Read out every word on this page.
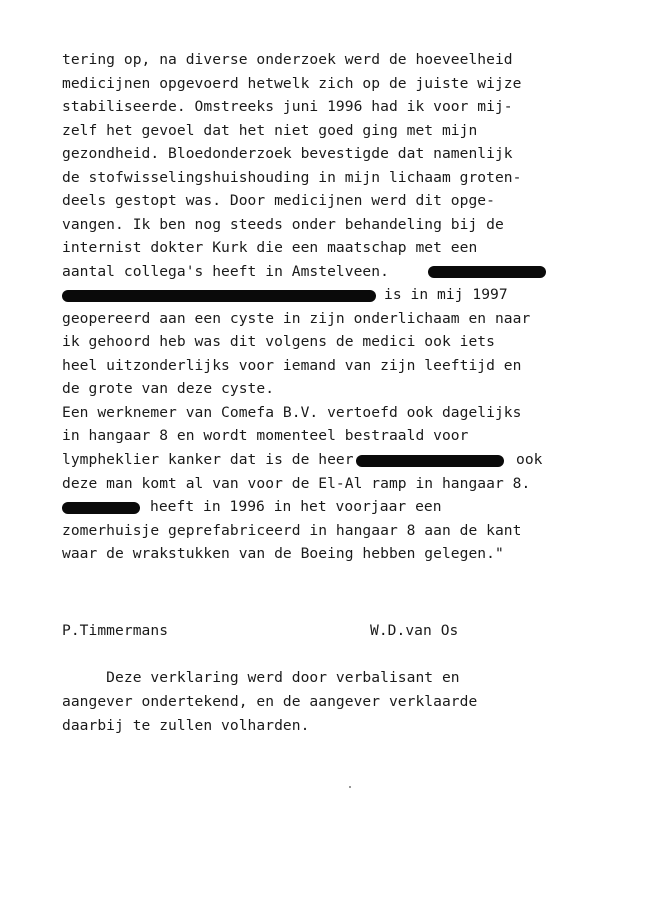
tering op, na diverse onderzoek werd de hoeveelheid
medicijnen opgevoerd hetwelk zich op de juiste wijze
stabiliseerde. Omstreeks juni 1996 had ik voor mij-
zelf het gevoel dat het niet goed ging met mijn
gezondheid. Bloedonderzoek bevestigde dat namenlijk
de stofwisselingshuishouding in mijn lichaam groten-
deels gestopt was. Door medicijnen werd dit opge-
vangen. Ik ben nog steeds onder behandeling bij de
internist dokter Kurk die een maatschap met een
aantal collega's heeft in Amstelveen.
is in mij 1997
geopereerd aan een cyste in zijn onderlichaam en naar
ik gehoord heb was dit volgens de medici ook iets
heel uitzonderlijks voor iemand van zijn leeftijd en
de grote van deze cyste.
Een werknemer van Comefa B.V. vertoefd ook dagelijks
in hangaar 8 en wordt momenteel bestraald voor
lympheklier kanker dat is de heer	ook
deze man komt al van voor de El-Al ramp in hangaar 8.
heeft in 1996 in het voorjaar een
zomerhuisje geprefabriceerd in hangaar 8 aan de kant
waar de wrakstukken van de Boeing hebben gelegen."
P.Timmermans	W.D.van Os
Deze verklaring werd door verbalisant en
aangever ondertekend, en de aangever verklaarde
daarbij te zullen volharden.
